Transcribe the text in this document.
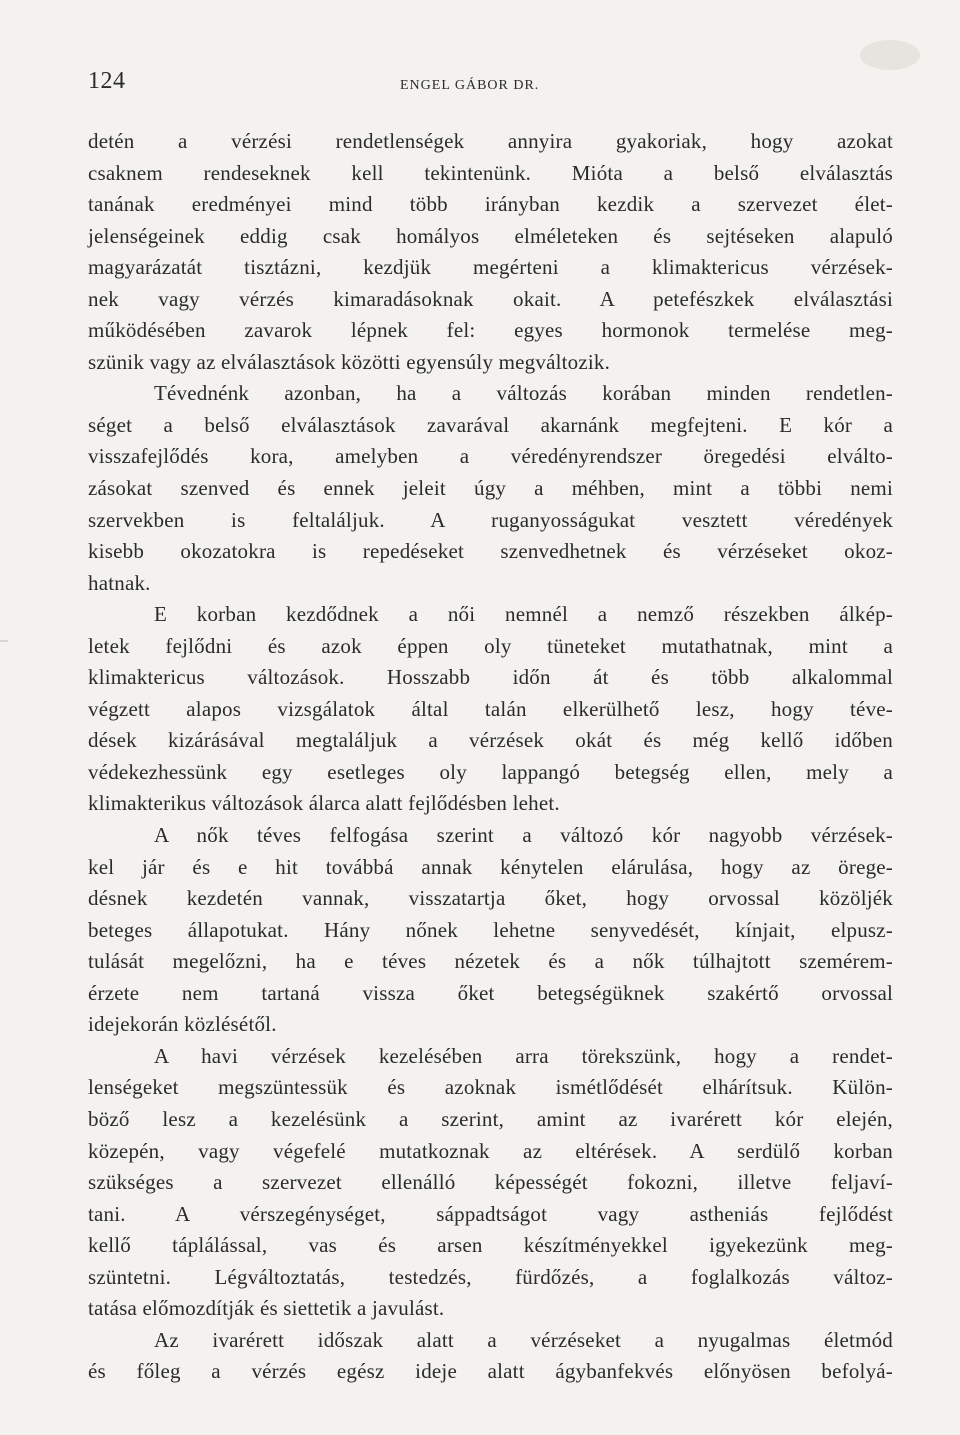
124	ENGEL GÁBOR DR.
detén a vérzési rendetlenségek annyira gyakoriak, hogy azokat
csaknem rendeseknek kell tekintenünk. Mióta a belső elválasztás
tanának eredményei mind több irányban kezdik a szervezet élet-
jelenségeinek eddig csak homályos elméleteken és sejtéseken alapuló
magyarázatát tisztázni, kezdjük megérteni a klimaktericus vérzések-
nek vagy vérzés kimaradásoknak okait. A petefészkek elválasztási
működésében zavarok lépnek fel: egyes hormonok termelése meg-
szünik vagy az elválasztások közötti egyensúly megváltozik.
Tévednénk azonban, ha a változás korában minden rendetlen-
séget a belső elválasztások zavarával akarnánk megfejteni. E kór a
visszafejlődés kora, amelyben a véredényrendszer öregedési elválto-
zásokat szenved és ennek jeleit úgy a méhben, mint a többi nemi
szervekben is feltaláljuk. A ruganyosságukat vesztett véredények
kisebb okozatokra is repedéseket szenvedhetnek és vérzéseket okoz-
hatnak.
E korban kezdődnek a női nemnél a nemző részekben álkép-
letek fejlődni és azok éppen oly tüneteket mutathatnak, mint a
klimaktericus változások. Hosszabb időn át és több alkalommal
végzett alapos vizsgálatok által talán elkerülhető lesz, hogy téve-
dések kizárásával megtaláljuk a vérzések okát és még kellő időben
védekezhessünk egy esetleges oly lappangó betegség ellen, mely a
klimakterikus változások álarca alatt fejlődésben lehet.
A nők téves felfogása szerint a változó kór nagyobb vérzések-
kel jár és e hit továbbá annak kénytelen elárulása, hogy az örege-
désnek kezdetén vannak, visszatartja őket, hogy orvossal közöljék
beteges állapotukat. Hány nőnek lehetne senyvedését, kínjait, elpusz-
tulását megelőzni, ha e téves nézetek és a nők túlhajtott szemérem-
érzete nem tartaná vissza őket betegségüknek szakértő orvossal
idejekorán közlésétől.
A havi vérzések kezelésében arra törekszünk, hogy a rendet-
lenségeket megszüntessük és azoknak ismétlődését elhárítsuk. Külön-
böző lesz a kezelésünk a szerint, amint az ivarérett kór elején,
közepén, vagy végefelé mutatkoznak az eltérések. A serdülő korban
szükséges a szervezet ellenálló képességét fokozni, illetve feljaví-
tani. A vérszegénységet, sáppadtságot vagy astheniás fejlődést
kellő táplálással, vas és arsen készítményekkel igyekezünk meg-
szüntetni. Légváltoztatás, testedzés, fürdőzés, a foglalkozás változ-
tatása előmozdítják és siettetik a javulást.
Az ivarérett időszak alatt a vérzéseket a nyugalmas életmód
és főleg a vérzés egész ideje alatt ágybanfekvés előnyösen befolyá-
